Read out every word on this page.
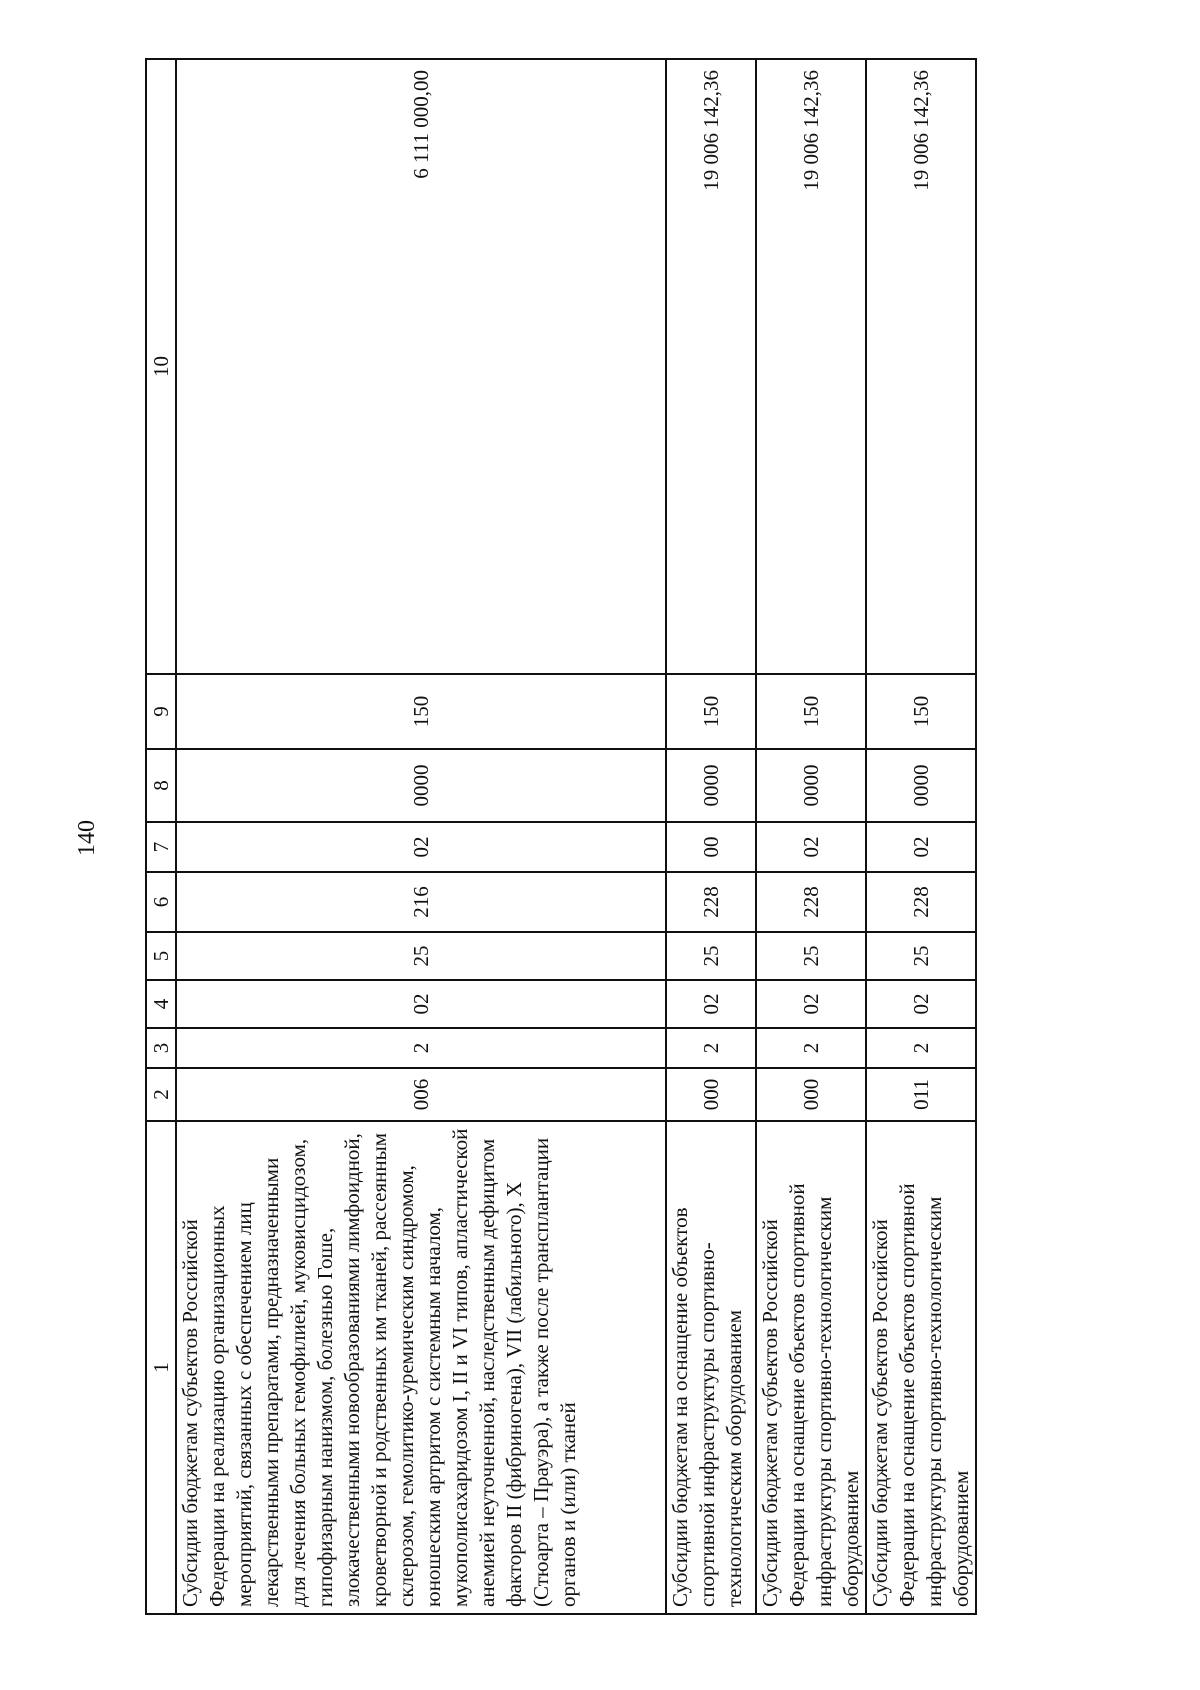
140
1	2	3	4	5	6	7	8	9	10
Субсидии бюджетам субъектов Российской Федерации на реализацию организационных мероприятий, связанных с обеспечением лиц лекарственными препаратами, предназначенными для лечения больных гемофилией, муковисцидозом, гипофизарным нанизмом, болезнью Гоше, злокачественными новообразованиями лимфоидной, кроветворной и родственных им тканей, рассеянным склерозом, гемолитико-уремическим синдромом, юношеским артритом с системным началом, мукополисахаридозом I, II и VI типов, апластической анемией неуточненной, наследственным дефицитом факторов II (фибриногена), VII (лабильного), X (Стюарта – Прауэра), а также после трансплантации органов и (или) тканей	006	2	02	25	216	02	0000	150	6 111 000,00
Субсидии бюджетам на оснащение объектов спортивной инфраструктуры спортивно-технологическим оборудованием	000	2	02	25	228	00	0000	150	19 006 142,36
Субсидии бюджетам субъектов Российской Федерации на оснащение объектов спортивной инфраструктуры спортивно-технологическим оборудованием	000	2	02	25	228	02	0000	150	19 006 142,36
Субсидии бюджетам субъектов Российской Федерации на оснащение объектов спортивной инфраструктуры спортивно-технологическим оборудованием	011	2	02	25	228	02	0000	150	19 006 142,36
